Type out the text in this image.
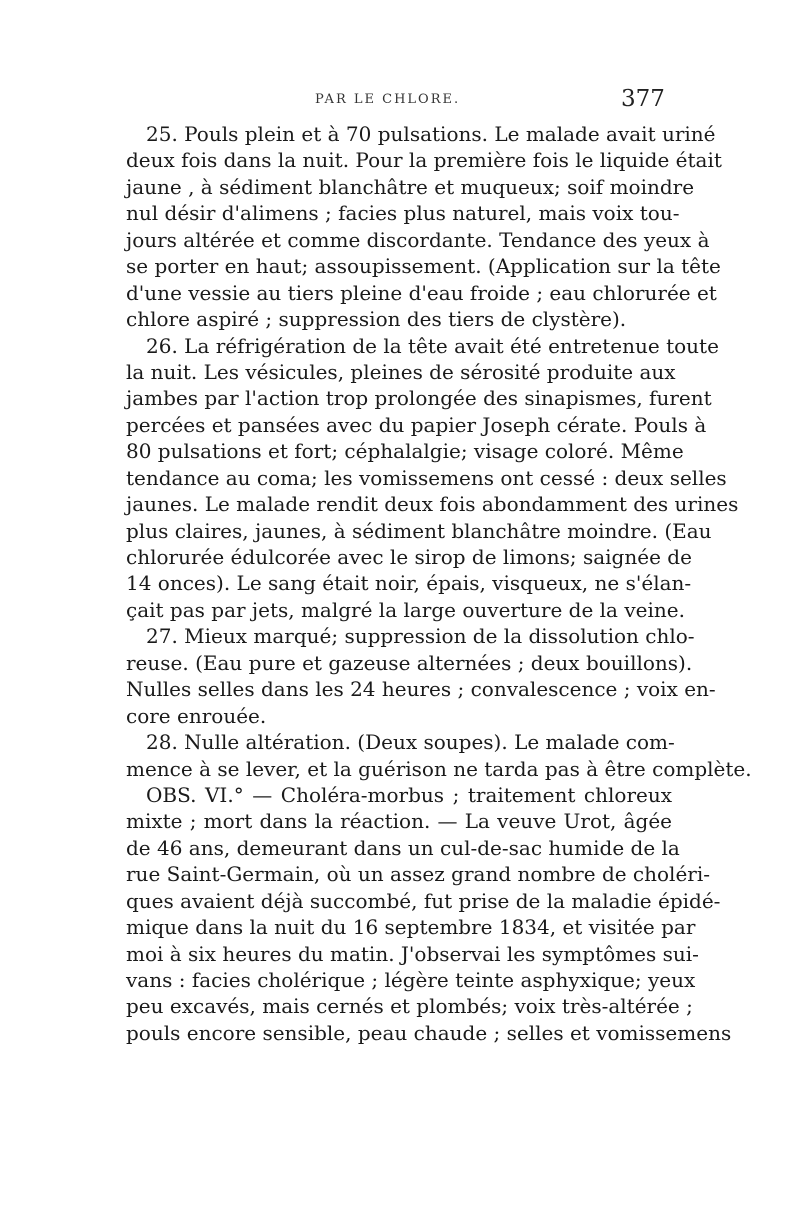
PAR LE CHLORE.	377
25. Pouls plein et à 70 pulsations. Le malade avait uriné
deux fois dans la nuit. Pour la première fois le liquide était
jaune , à sédiment blanchâtre et muqueux; soif moindre
nul désir d'alimens ; facies plus naturel, mais voix tou-
jours altérée et comme discordante. Tendance des yeux à
se porter en haut; assoupissement. (Application sur la tête
d'une vessie au tiers pleine d'eau froide ; eau chlorurée et
chlore aspiré ; suppression des tiers de clystère).
26. La réfrigération de la tête avait été entretenue toute
la nuit. Les vésicules, pleines de sérosité produite aux
jambes par l'action trop prolongée des sinapismes, furent
percées et pansées avec du papier Joseph cérate. Pouls à
80 pulsations et fort; céphalalgie; visage coloré. Même
tendance au coma; les vomissemens ont cessé : deux selles
jaunes. Le malade rendit deux fois abondamment des urines
plus claires, jaunes, à sédiment blanchâtre moindre. (Eau
chlorurée édulcorée avec le sirop de limons; saignée de
14 onces). Le sang était noir, épais, visqueux, ne s'élan-
çait pas par jets, malgré la large ouverture de la veine.
27. Mieux marqué; suppression de la dissolution chlo-
reuse. (Eau pure et gazeuse alternées ; deux bouillons).
Nulles selles dans les 24 heures ; convalescence ; voix en-
core enrouée.
28. Nulle altération. (Deux soupes). Le malade com-
mence à se lever, et la guérison ne tarda pas à être complète.
OBS. VI.° — Choléra-morbus ; traitement chloreux
mixte ; mort dans la réaction. — La veuve Urot, âgée
de 46 ans, demeurant dans un cul-de-sac humide de la
rue Saint-Germain, où un assez grand nombre de choléri-
ques avaient déjà succombé, fut prise de la maladie épidé-
mique dans la nuit du 16 septembre 1834, et visitée par
moi à six heures du matin. J'observai les symptômes sui-
vans : facies cholérique ; légère teinte asphyxique; yeux
peu excavés, mais cernés et plombés; voix très-altérée ;
pouls encore sensible, peau chaude ; selles et vomissemens
